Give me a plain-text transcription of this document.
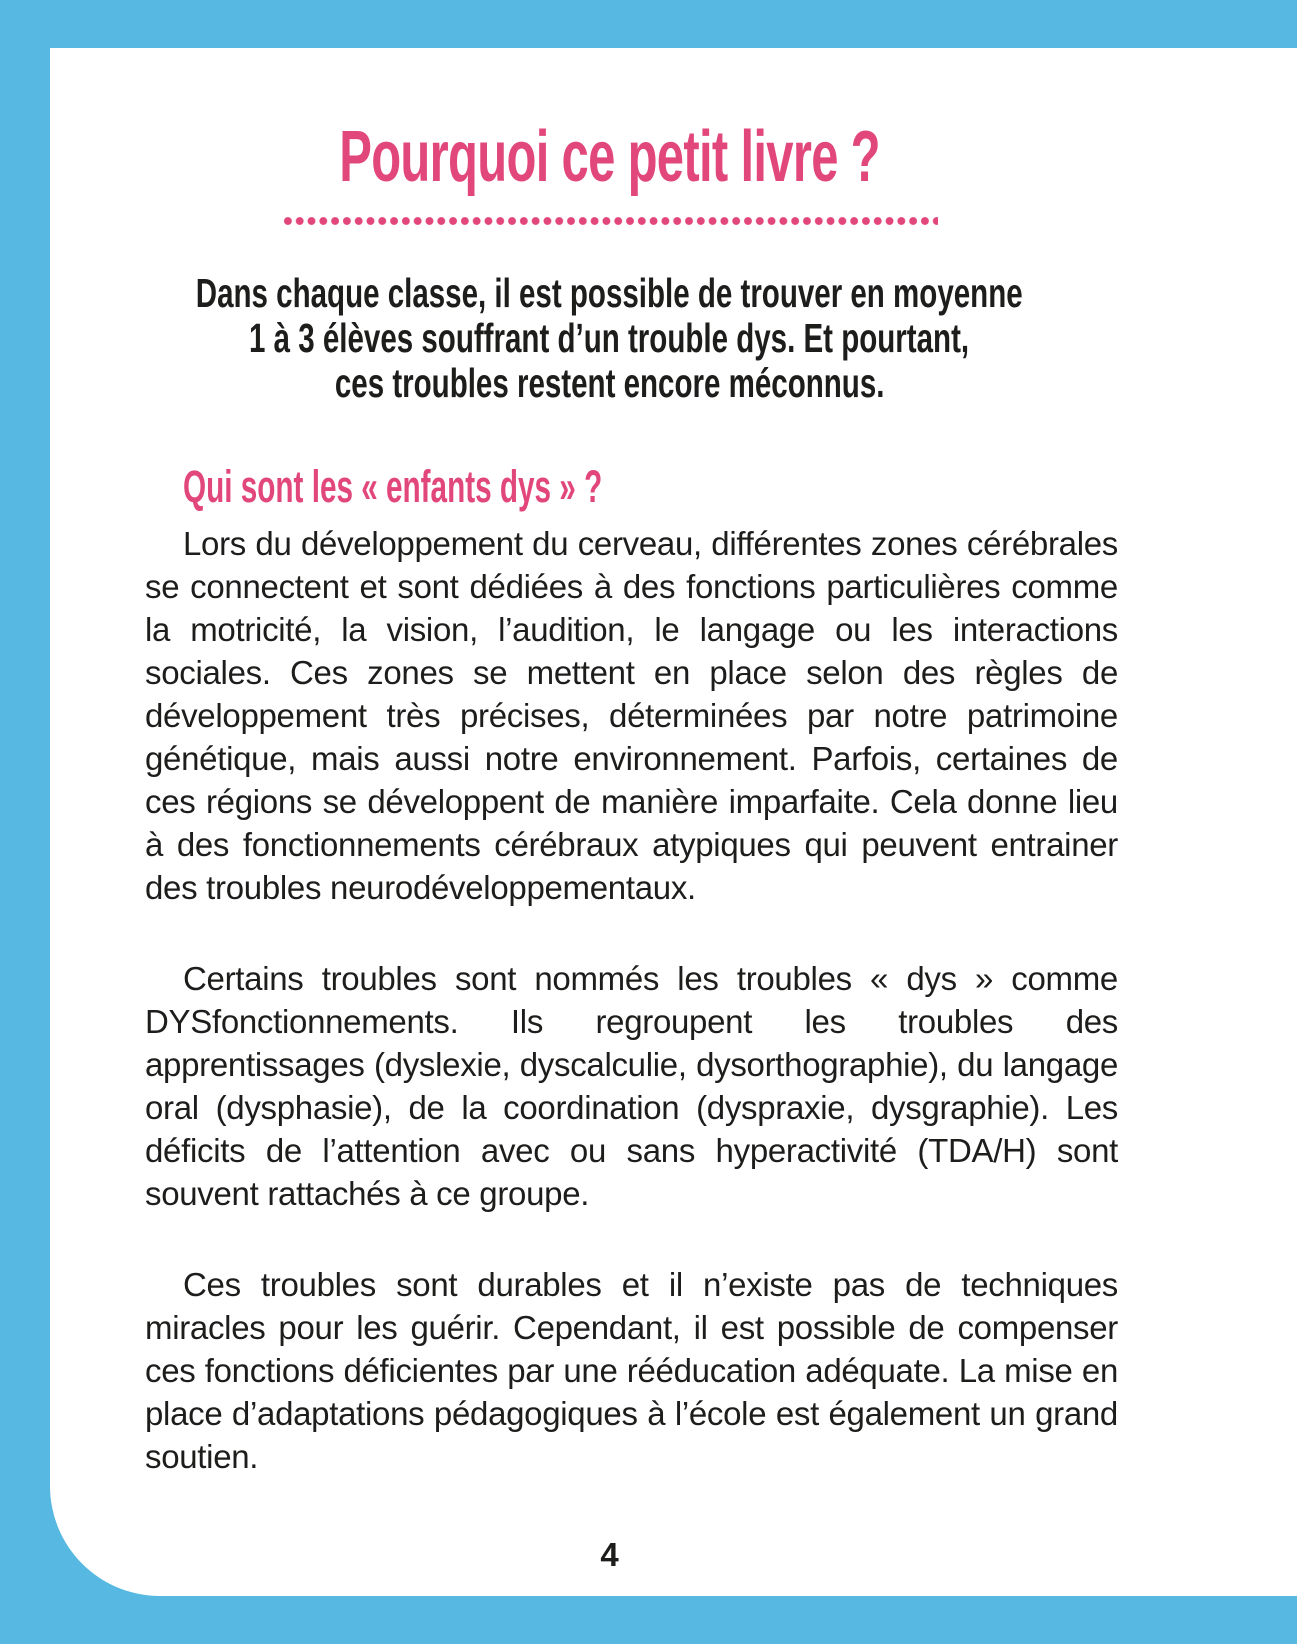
Pourquoi ce petit livre ?
Dans chaque classe, il est possible de trouver en moyenne
1 à 3 élèves souffrant d’un trouble dys. Et pourtant,
ces troubles restent encore méconnus.
Qui sont les « enfants dys » ?

Lors du développement du cerveau, différentes zones cérébrales se connectent et sont dédiées à des fonctions particulières comme la motricité, la vision, l’audition, le langage ou les interactions sociales. Ces zones se mettent en place selon des règles de développement très précises, déterminées par notre patrimoine génétique, mais aussi notre environnement. Parfois, certaines de ces régions se développent de manière imparfaite. Cela donne lieu à des fonctionnements cérébraux atypiques qui peuvent entrainer des troubles neurodéveloppementaux.

Certains troubles sont nommés les troubles « dys » comme DYSfonctionnements. Ils regroupent les troubles des apprentissages (dyslexie, dyscalculie, dysorthographie), du langage oral (dysphasie), de la coordination (dyspraxie, dysgraphie). Les déficits de l’attention avec ou sans hyperactivité (TDA/H) sont souvent rattachés à ce groupe.

Ces troubles sont durables et il n’existe pas de techniques miracles pour les guérir. Cependant, il est possible de compenser ces fonctions déficientes par une rééducation adéquate. La mise en place d’adaptations pédagogiques à l’école est également un grand soutien.

4
